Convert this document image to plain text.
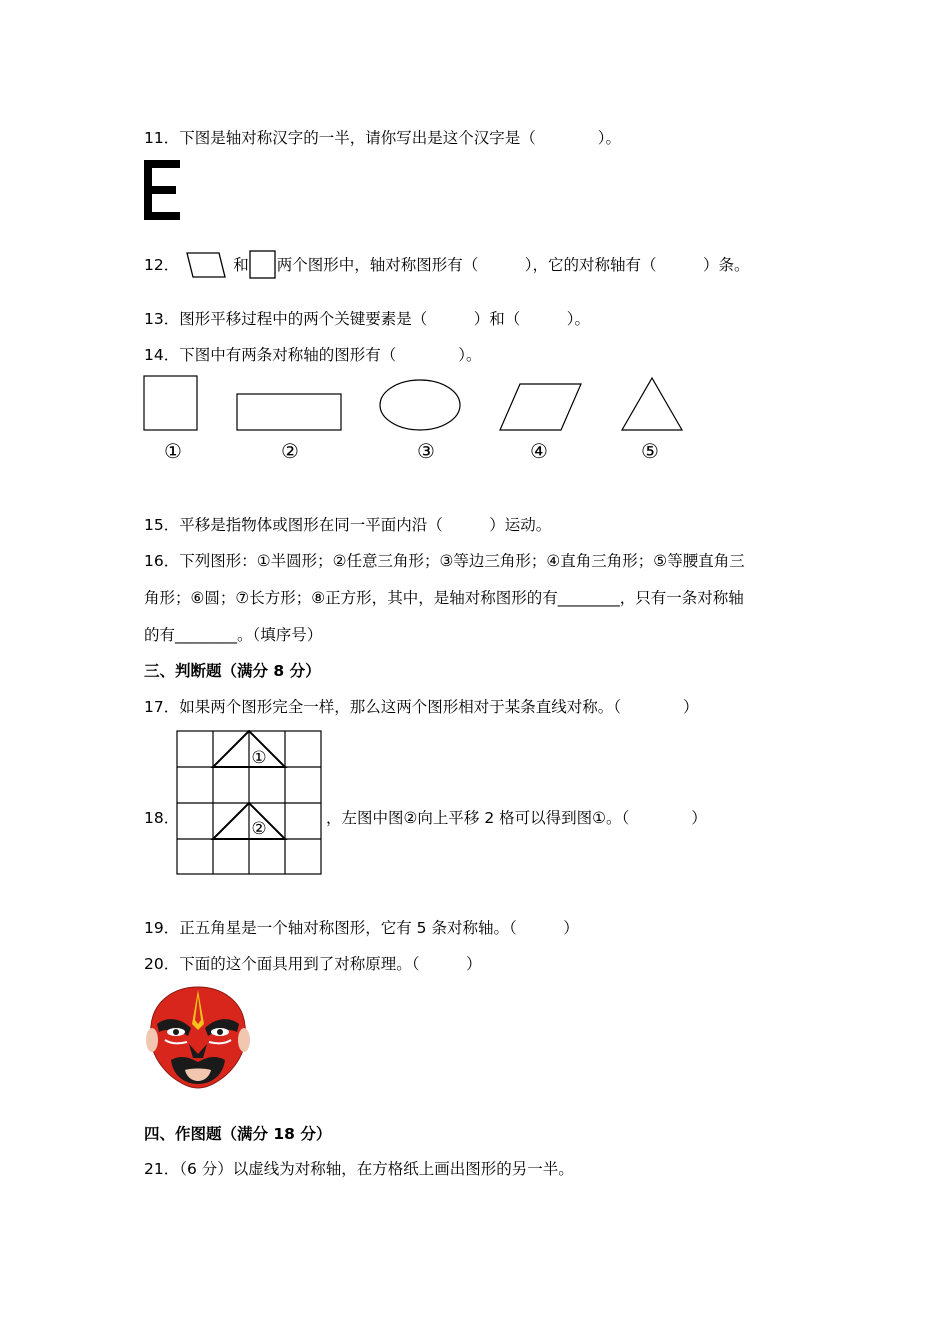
11．下图是轴对称汉字的一半，请你写出是这个汉字是（　　　　）。
12．	和 两个图形中，轴对称图形有（　　　），它的对称轴有（　　　）条。
13．图形平移过程中的两个关键要素是（　　　）和（　　　）。
14．下图中有两条对称轴的图形有（　　　　）。
①	②	③	④	⑤
15．平移是指物体或图形在同一平面内沿（　　　）运动。
16．下列图形：①半圆形；②任意三角形；③等边三角形；④直角三角形；⑤等腰直角三
角形；⑥圆；⑦长方形；⑧正方形，其中，是轴对称图形的有________，只有一条对称轴
的有________。（填序号）
三、判断题（满分 8 分）
17．如果两个图形完全一样，那么这两个图形相对于某条直线对称。（　　　　）
18．
①
②
，左图中图②向上平移 2 格可以得到图①。（　　　　）
19．正五角星是一个轴对称图形，它有 5 条对称轴。（　　　）
20．下面的这个面具用到了对称原理。（　　　）
四、作图题（满分 18 分）
21．（6 分）以虚线为对称轴，在方格纸上画出图形的另一半。
